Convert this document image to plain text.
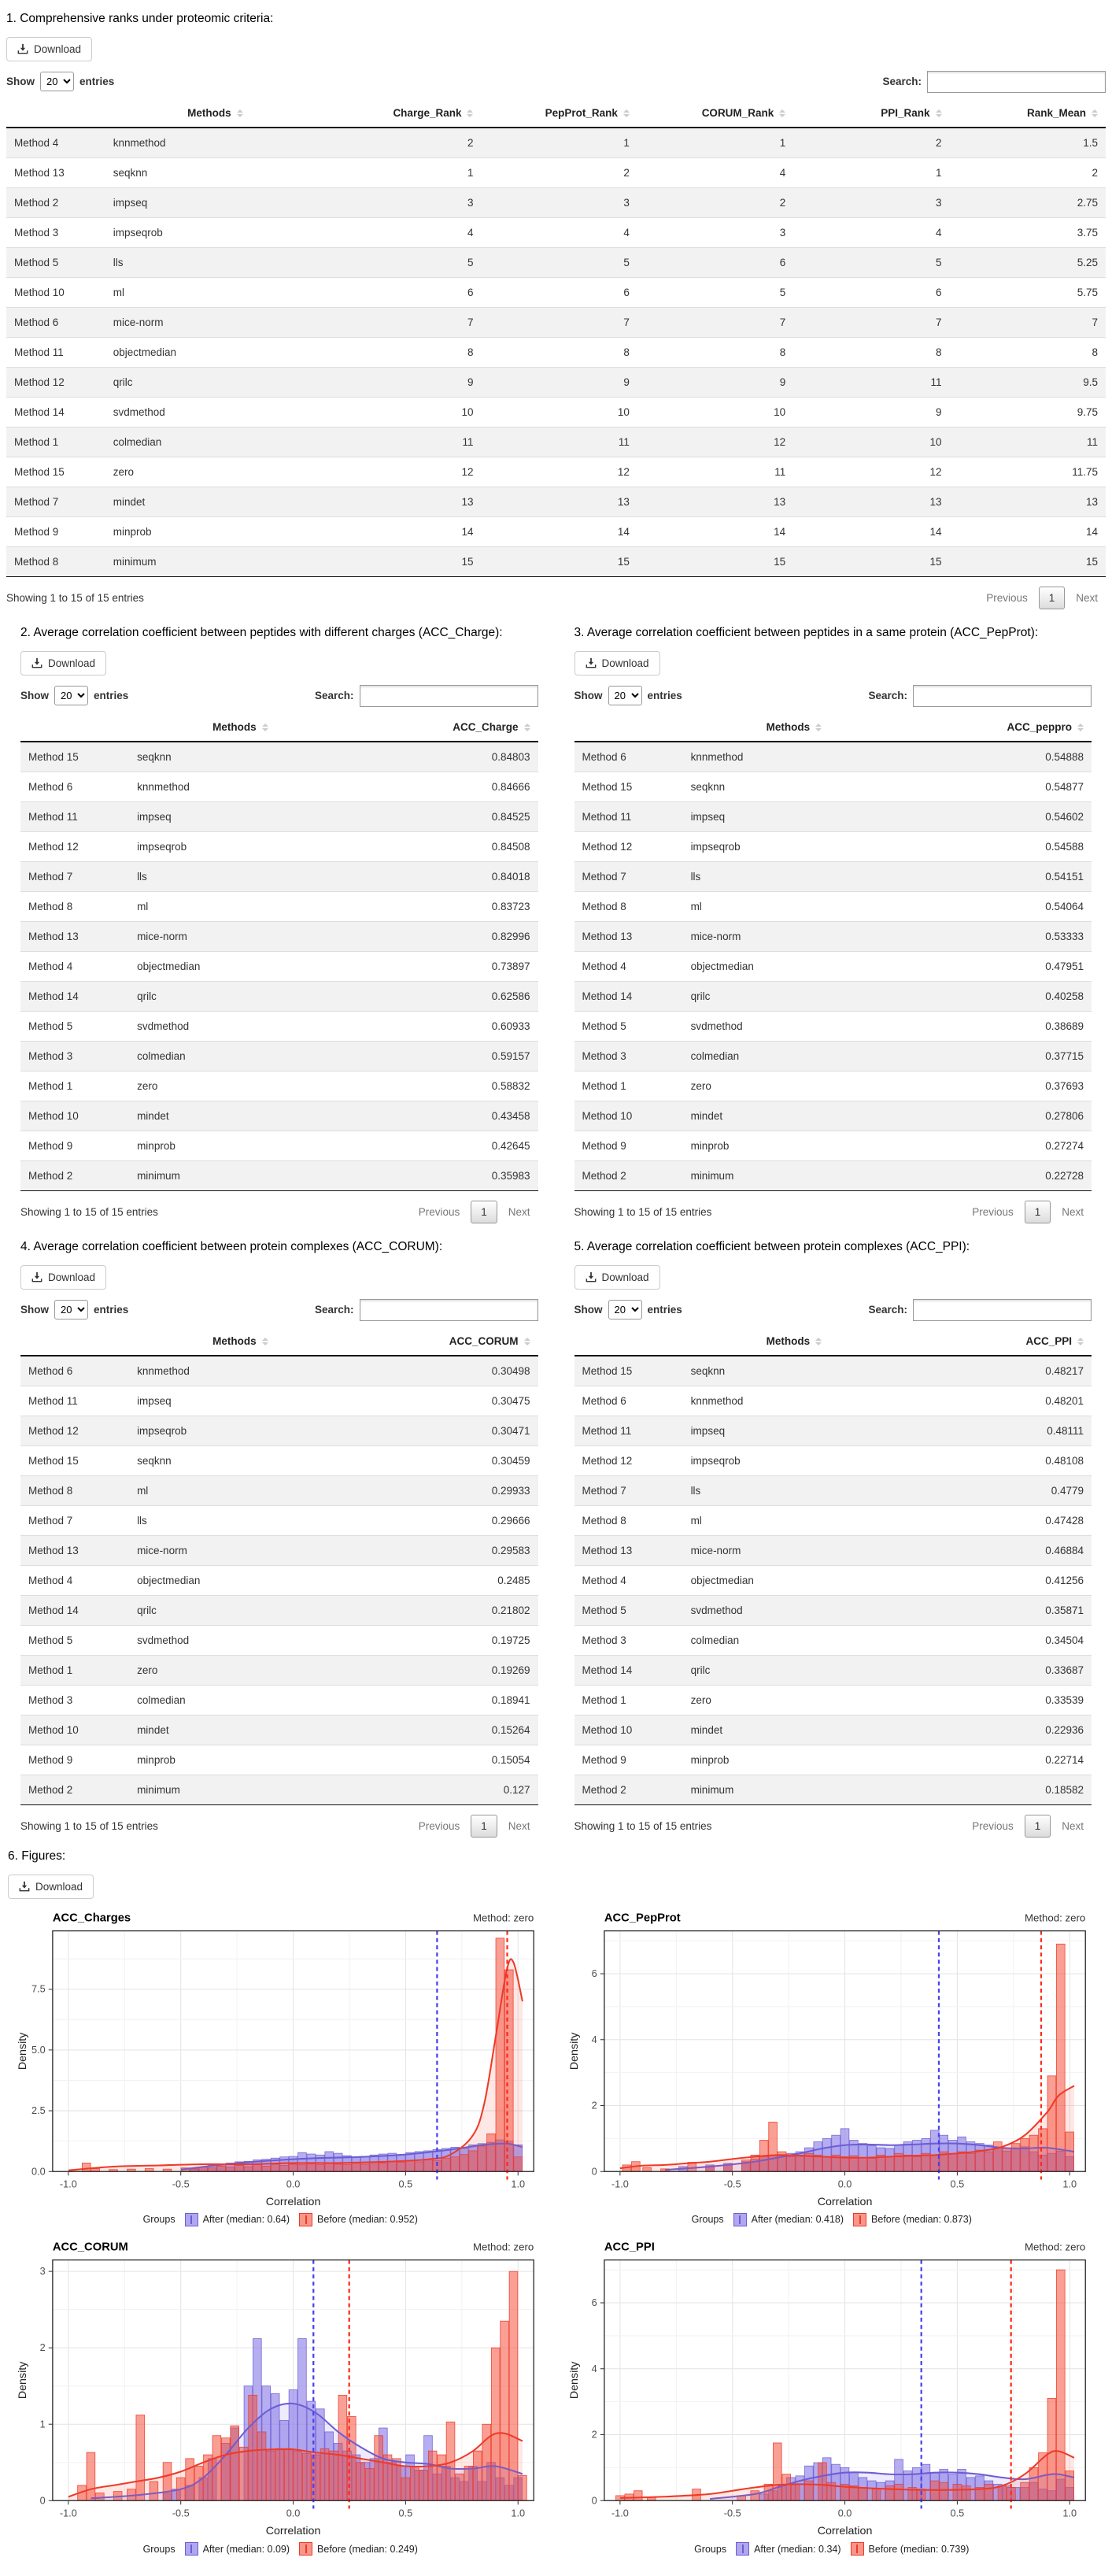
1. Comprehensive ranks under proteomic criteria:
Download
Show
20	entries	Search:
	Methods	Charge_Rank	PepProt_Rank	CORUM_Rank	PPI_Rank	Rank_Mean

Method 4	knnmethod	2	1	1	2	1.5
Method 13	seqknn	1	2	4	1	2
Method 2	impseq	3	3	2	3	2.75
Method 3	impseqrob	4	4	3	4	3.75
Method 5	lls	5	5	6	5	5.25
Method 10	ml	6	6	5	6	5.75
Method 6	mice-norm	7	7	7	7	7
Method 11	objectmedian	8	8	8	8	8
Method 12	qrilc	9	9	9	11	9.5
Method 14	svdmethod	10	10	10	9	9.75
Method 1	colmedian	11	11	12	10	11
Method 15	zero	12	12	11	12	11.75
Method 7	mindet	13	13	13	13	13
Method 9	minprob	14	14	14	14	14
Method 8	minimum	15	15	15	15	15
Showing 1 to 15 of 15 entries	Previous	1	Next
2. Average correlation coefficient between peptides with different charges (ACC_Charge):
Download
Show
20	entries	Search:
	Methods	ACC_Charge

Method 15	seqknn	0.84803
Method 6	knnmethod	0.84666
Method 11	impseq	0.84525
Method 12	impseqrob	0.84508
Method 7	lls	0.84018
Method 8	ml	0.83723
Method 13	mice-norm	0.82996
Method 4	objectmedian	0.73897
Method 14	qrilc	0.62586
Method 5	svdmethod	0.60933
Method 3	colmedian	0.59157
Method 1	zero	0.58832
Method 10	mindet	0.43458
Method 9	minprob	0.42645
Method 2	minimum	0.35983
Showing 1 to 15 of 15 entries	Previous	1	Next
3. Average correlation coefficient between peptides in a same protein (ACC_PepProt):
Download
Show
20	entries	Search:
	Methods	ACC_peppro

Method 6	knnmethod	0.54888
Method 15	seqknn	0.54877
Method 11	impseq	0.54602
Method 12	impseqrob	0.54588
Method 7	lls	0.54151
Method 8	ml	0.54064
Method 13	mice-norm	0.53333
Method 4	objectmedian	0.47951
Method 14	qrilc	0.40258
Method 5	svdmethod	0.38689
Method 3	colmedian	0.37715
Method 1	zero	0.37693
Method 10	mindet	0.27806
Method 9	minprob	0.27274
Method 2	minimum	0.22728
Showing 1 to 15 of 15 entries	Previous	1	Next
4. Average correlation coefficient between protein complexes (ACC_CORUM):
Download
Show
20	entries	Search:
	Methods	ACC_CORUM

Method 6	knnmethod	0.30498
Method 11	impseq	0.30475
Method 12	impseqrob	0.30471
Method 15	seqknn	0.30459
Method 8	ml	0.29933
Method 7	lls	0.29666
Method 13	mice-norm	0.29583
Method 4	objectmedian	0.2485
Method 14	qrilc	0.21802
Method 5	svdmethod	0.19725
Method 1	zero	0.19269
Method 3	colmedian	0.18941
Method 10	mindet	0.15264
Method 9	minprob	0.15054
Method 2	minimum	0.127
Showing 1 to 15 of 15 entries	Previous	1	Next
5. Average correlation coefficient between protein complexes (ACC_PPI):
Download
Show
20	entries	Search:
	Methods	ACC_PPI

Method 15	seqknn	0.48217
Method 6	knnmethod	0.48201
Method 11	impseq	0.48111
Method 12	impseqrob	0.48108
Method 7	lls	0.4779
Method 8	ml	0.47428
Method 13	mice-norm	0.46884
Method 4	objectmedian	0.41256
Method 5	svdmethod	0.35871
Method 3	colmedian	0.34504
Method 14	qrilc	0.33687
Method 1	zero	0.33539
Method 10	mindet	0.22936
Method 9	minprob	0.22714
Method 2	minimum	0.18582
Showing 1 to 15 of 15 entries	Previous	1	Next
6. Figures:
Download
-1.0	-0.5	0.0	0.5	1.0
0.0
2.5
5.0
7.5
Correlation
Density
ACC_Charges	Method: zero
Groups	After (median: 0.64)	Before (median: 0.952)
-1.0	-0.5	0.0	0.5	1.0
0
2
4
6
Correlation
Density
ACC_PepProt	Method: zero
Groups	After (median: 0.418)	Before (median: 0.873)
-1.0	-0.5	0.0	0.5	1.0
0
1
2
3
Correlation
Density
ACC_CORUM	Method: zero
Groups	After (median: 0.09)	Before (median: 0.249)
-1.0	-0.5	0.0	0.5	1.0
0
2
4
6
Correlation
Density
ACC_PPI	Method: zero
Groups	After (median: 0.34)	Before (median: 0.739)
